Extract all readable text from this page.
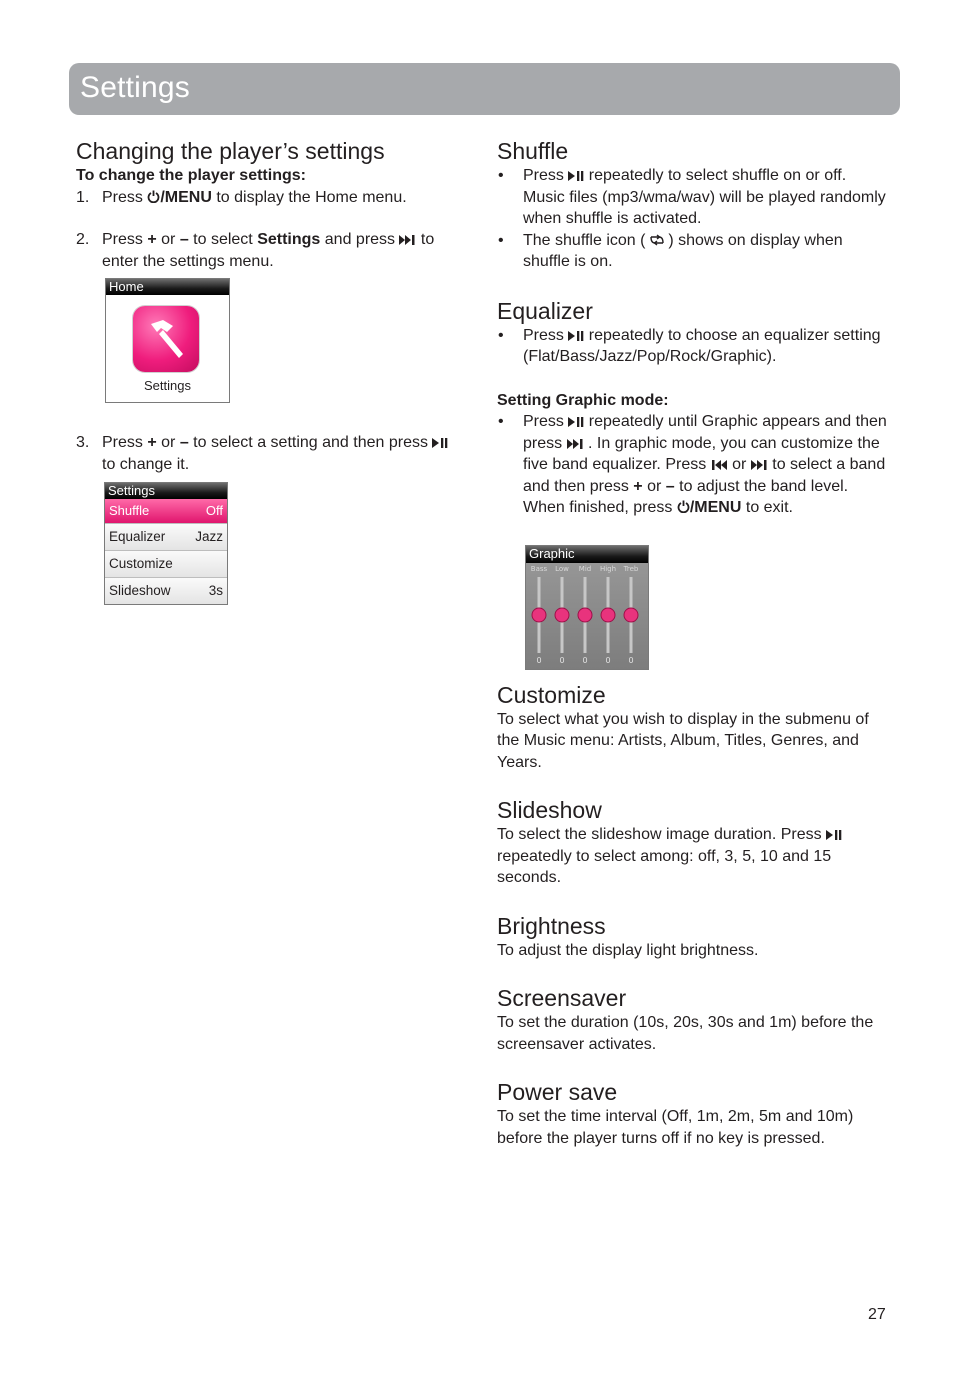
Settings
Changing the player’s settings

To change the player settings:

1. Press /MENU to display the Home menu.
2. Press + or – to select Settings and press  to enter the settings menu.
3. Press + or – to select a setting and then press  to change it.
Home
Settings
Settings
Shuffle	Off
Equalizer Jazz
Customize
Slideshow	3s
Shuffle
• Press  repeatedly to select shuffle on or off. Music files (mp3/wma/wav) will be played randomly when shuffle is activated.
• The shuffle icon (  ) shows on display when shuffle is on.
Equalizer
• Press  repeatedly to choose an equalizer setting (Flat/Bass/Jazz/Pop/Rock/Graphic).

Setting Graphic mode:

• Press  repeatedly until Graphic appears and then press  . In graphic mode, you can customize the five band equalizer. Press  or  to select a band and then press + or – to adjust the band level. When finished, press /MENU to exit.
Customize

To select what you wish to display in the submenu of the Music menu: Artists, Album, Titles, Genres, and Years.

Slideshow

To select the slideshow image duration. Press  repeatedly to select among: off, 3, 5, 10 and 15 seconds.

Brightness

To adjust the display light brightness.

Screensaver

To set the duration (10s, 20s, 30s and 1m) before the screensaver activates.

Power save

To set the time interval (Off, 1m, 2m, 5m and 10m) before the player turns off if no key is pressed.

Graphic
Bass
0
Low
0
Mid
0
High
0
Treb
0
27
